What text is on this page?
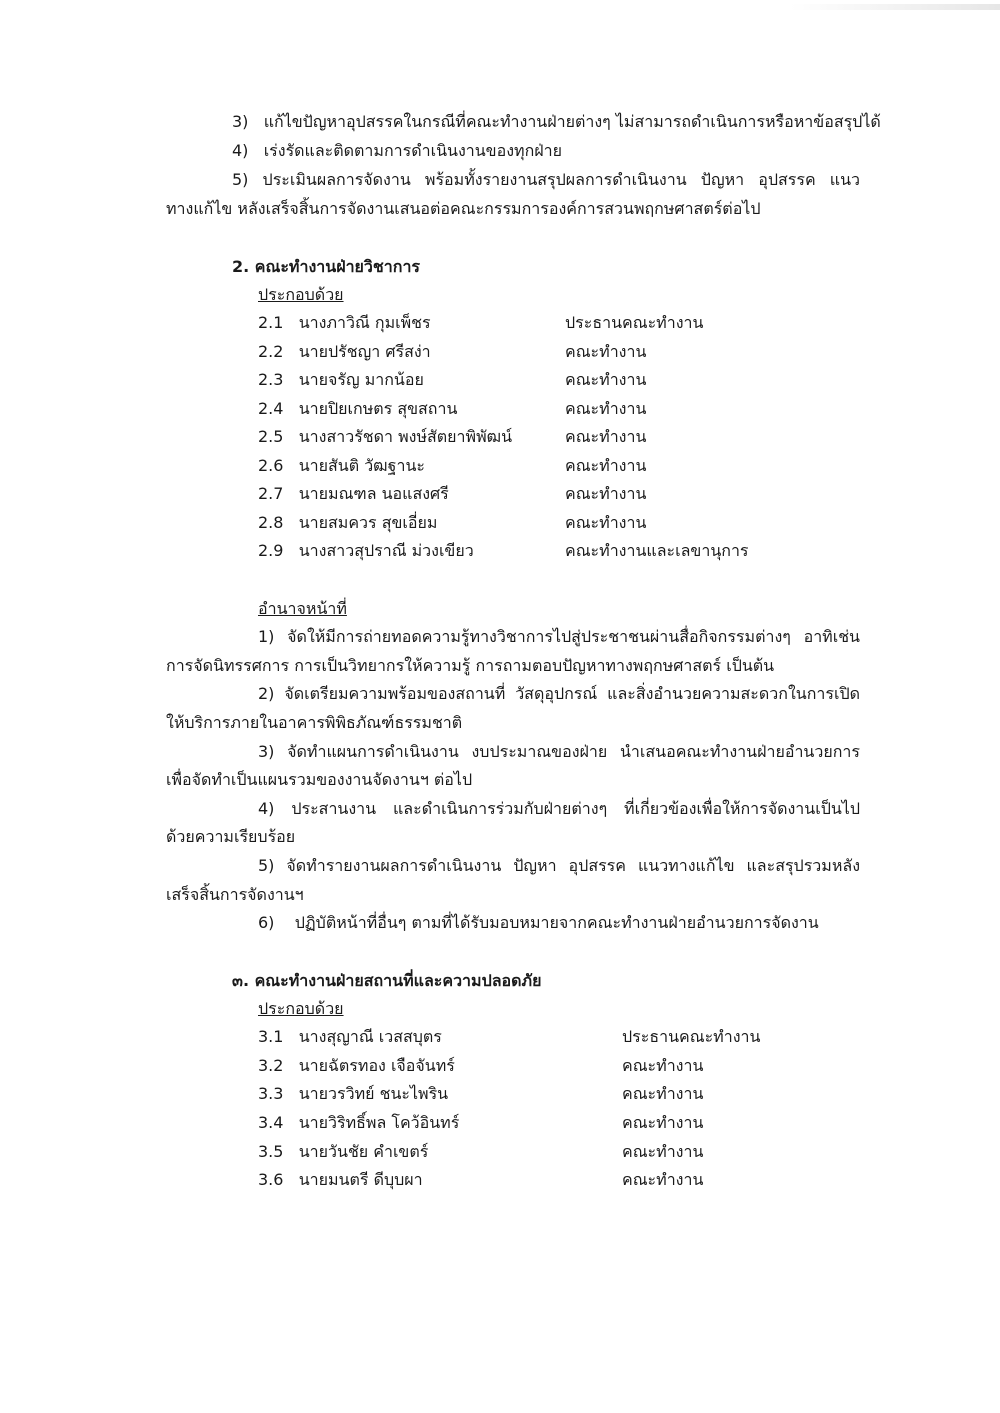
3) แก้ไขปัญหาอุปสรรคในกรณีที่คณะทำงานฝ่ายต่างๆ ไม่สามารถดำเนินการหรือหาข้อสรุปได้
4) เร่งรัดและติดตามการดำเนินงานของทุกฝ่าย
5) ประเมินผลการจัดงาน พร้อมทั้งรายงานสรุปผลการดำเนินงาน ปัญหา อุปสรรค แนว
ทางแก้ไข หลังเสร็จสิ้นการจัดงานเสนอต่อคณะกรรมการองค์การสวนพฤกษศาสตร์ต่อไป
2. คณะทำงานฝ่ายวิชาการ
ประกอบด้วย
2.1 นางภาวิณี กุมเพ็ชร	ประธานคณะทำงาน
2.2 นายปรัชญา ศรีสง่า	คณะทำงาน
2.3 นายจรัญ มากน้อย	คณะทำงาน
2.4 นายปิยเกษตร สุขสถาน	คณะทำงาน
2.5 นางสาวรัชดา พงษ์สัตยาพิพัฒน์	คณะทำงาน
2.6 นายสันติ วัฒฐานะ	คณะทำงาน
2.7 นายมณฑล นอแสงศรี	คณะทำงาน
2.8 นายสมควร สุขเอี่ยม	คณะทำงาน
2.9 นางสาวสุปราณี ม่วงเขียว	คณะทำงานและเลขานุการ
อำนาจหน้าที่
1) จัดให้มีการถ่ายทอดความรู้ทางวิชาการไปสู่ประชาชนผ่านสื่อกิจกรรมต่างๆ อาทิเช่น
การจัดนิทรรศการ การเป็นวิทยากรให้ความรู้ การถามตอบปัญหาทางพฤกษศาสตร์ เป็นต้น
2) จัดเตรียมความพร้อมของสถานที่ วัสดุอุปกรณ์ และสิ่งอำนวยความสะดวกในการเปิด
ให้บริการภายในอาคารพิพิธภัณฑ์ธรรมชาติ
3) จัดทำแผนการดำเนินงาน งบประมาณของฝ่าย นำเสนอคณะทำงานฝ่ายอำนวยการ
เพื่อจัดทำเป็นแผนรวมของงานจัดงานฯ ต่อไป
4) ประสานงาน และดำเนินการร่วมกับฝ่ายต่างๆ ที่เกี่ยวข้องเพื่อให้การจัดงานเป็นไป
ด้วยความเรียบร้อย
5) จัดทำรายงานผลการดำเนินงาน ปัญหา อุปสรรค แนวทางแก้ไข และสรุปรวมหลัง
เสร็จสิ้นการจัดงานฯ
6) ปฏิบัติหน้าที่อื่นๆ ตามที่ได้รับมอบหมายจากคณะทำงานฝ่ายอำนวยการจัดงาน
๓. คณะทำงานฝ่ายสถานที่และความปลอดภัย
ประกอบด้วย
3.1 นางสุญาณี เวสสบุตร	ประธานคณะทำงาน
3.2 นายฉัตรทอง เจือจันทร์	คณะทำงาน
3.3 นายวรวิทย์ ชนะไพริน	คณะทำงาน
3.4 นายวิริทธิ์พล โคว้อินทร์	คณะทำงาน
3.5 นายวันชัย คำเขตร์	คณะทำงาน
3.6 นายมนตรี ดีบุบผา	คณะทำงาน
